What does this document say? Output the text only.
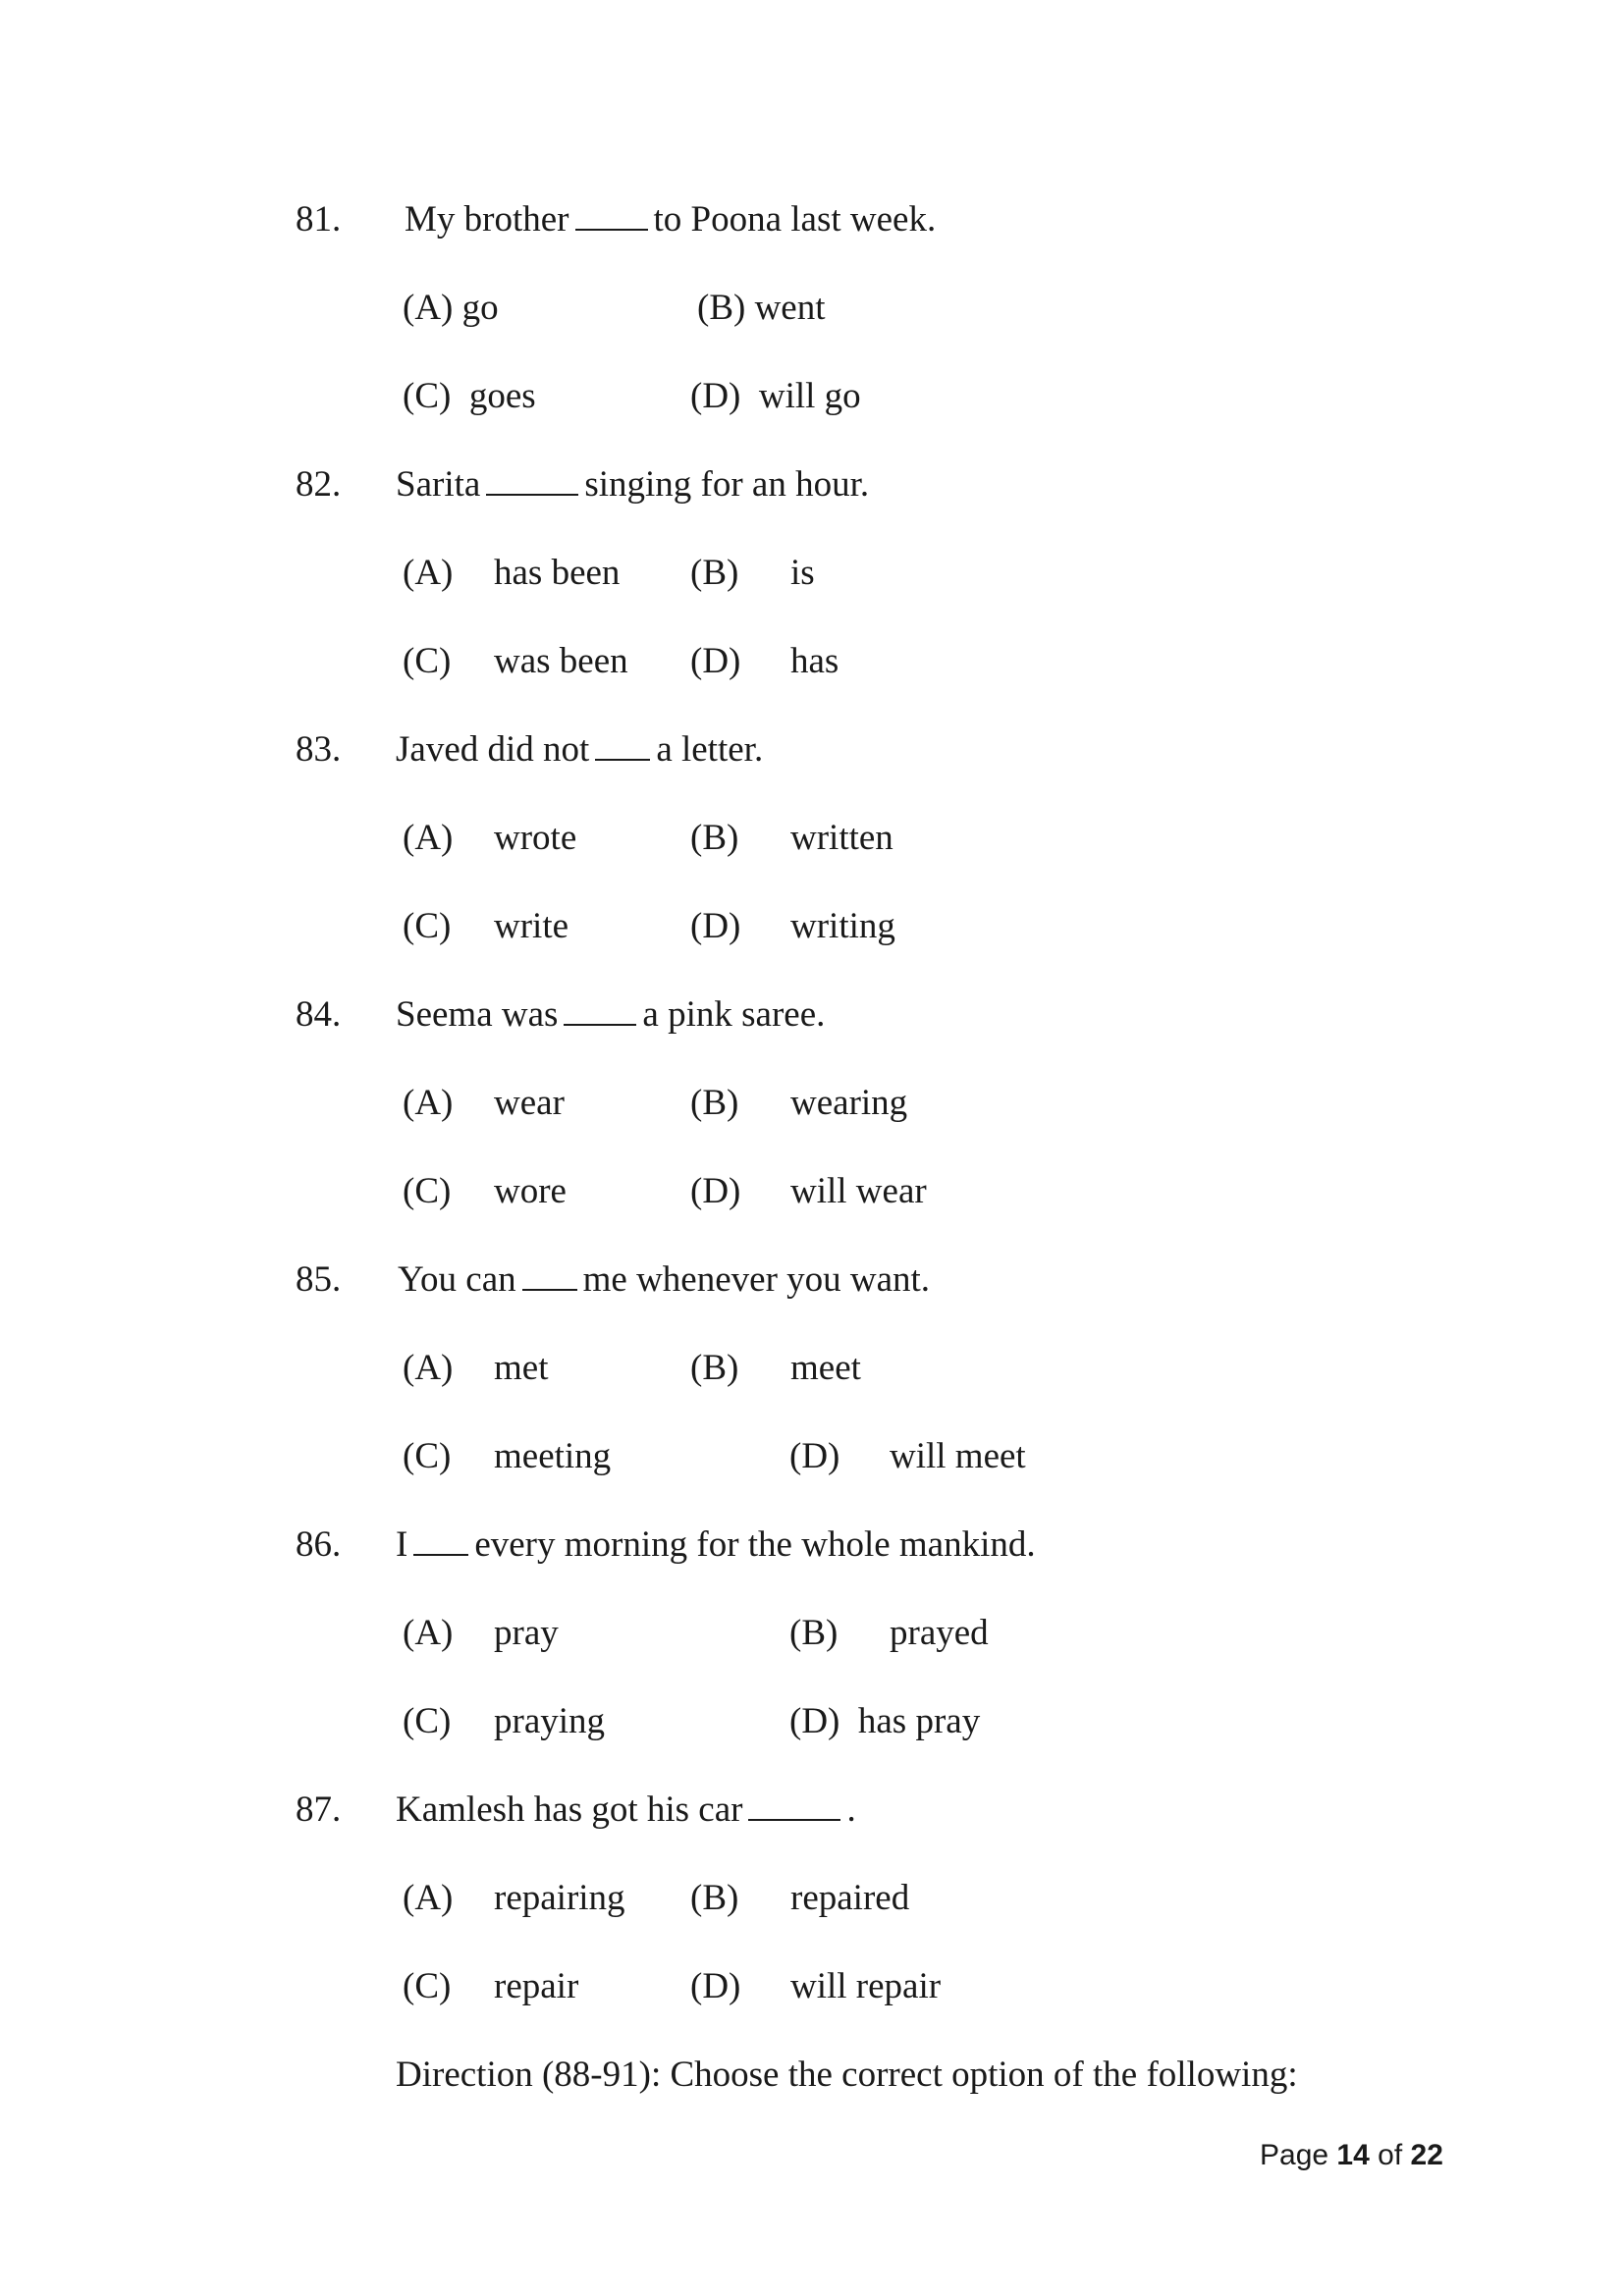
81. My brother to Poona last week.
(A) go	(B) went
(C) goes	(D) will go
82. Sarita	singing for an hour.
(A) has been (B) is
(C) was been (D) has
83. Javed did not a letter.
(A) wrote	(B) written
(C) write	(D) writing
84. Seema was a pink saree.
(A) wear	(B) wearing
(C) wore	(D) will wear
85. You can me whenever you want.
(A) met	(B) meet
(C) meeting	(D) will meet
86. I every morning for the whole mankind.
(A) pray	(B) prayed
(C) praying	(D) has pray
87. Kamlesh has got his car	.
(A) repairing (B) repaired
(C) repair	(D) will repair
Direction (88-91): Choose the correct option of the following:
Page 14 of 22
